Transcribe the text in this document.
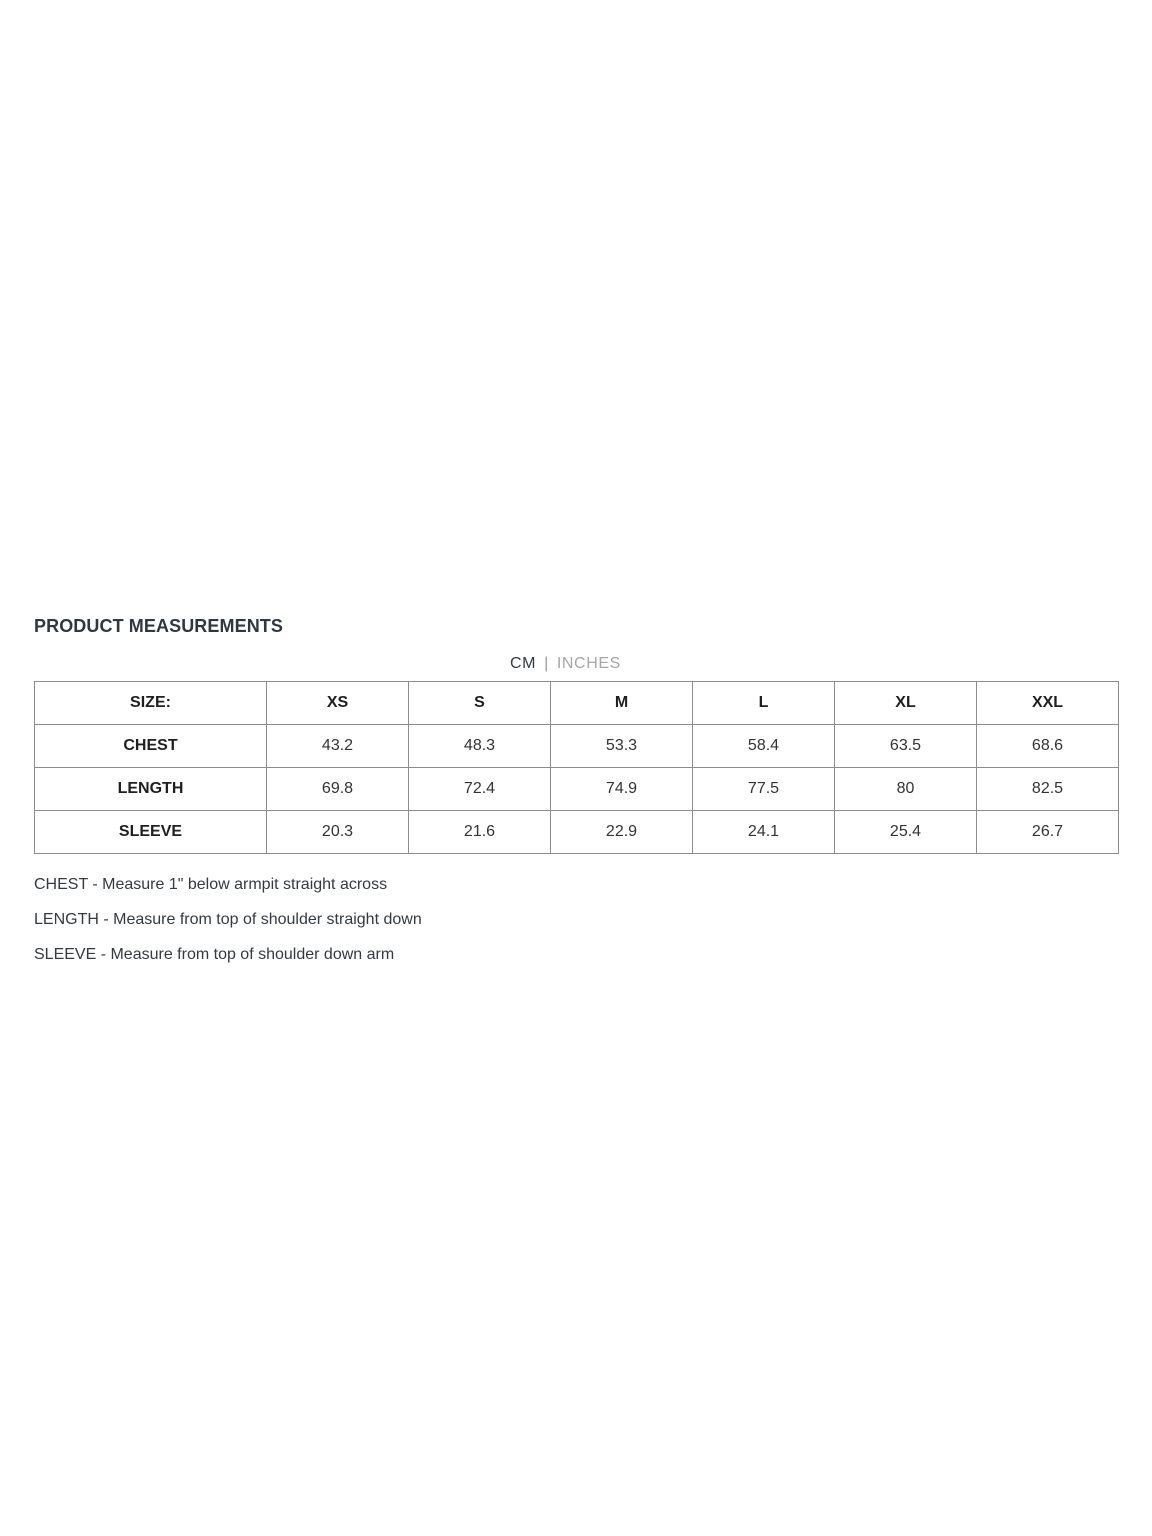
PRODUCT MEASUREMENTS
CM | INCHES
SIZE:	XS	S	M	L	XL	XXL
CHEST	43.2	48.3	53.3	58.4	63.5	68.6
LENGTH	69.8	72.4	74.9	77.5	80	82.5
SLEEVE	20.3	21.6	22.9	24.1	25.4	26.7

CHEST - Measure 1" below armpit straight across

LENGTH - Measure from top of shoulder straight down

SLEEVE - Measure from top of shoulder down arm
